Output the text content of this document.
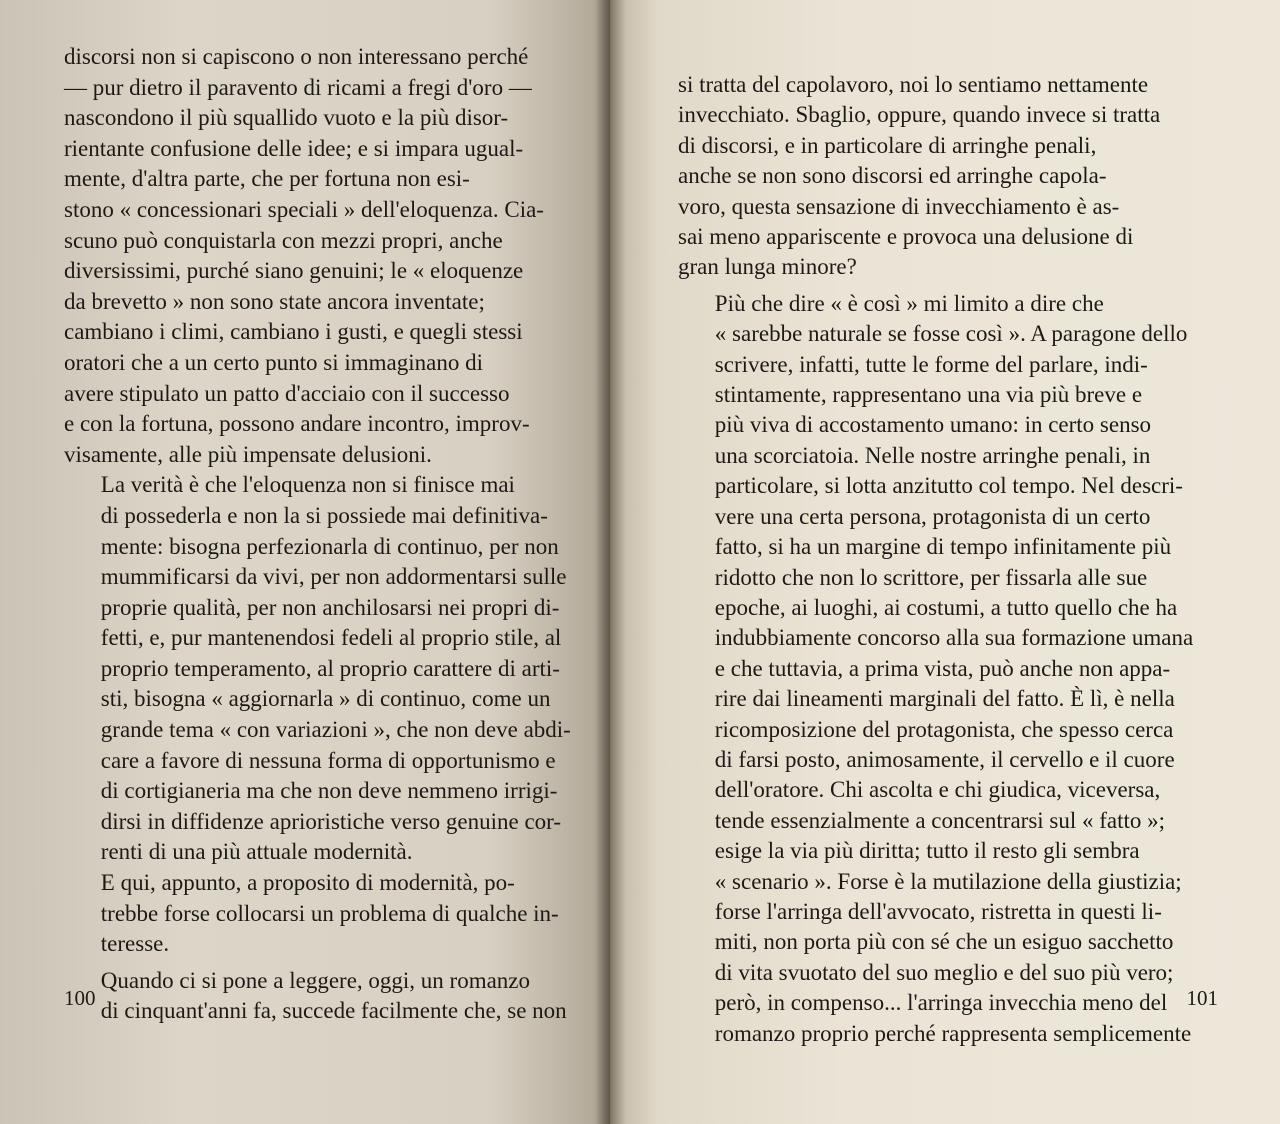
discorsi non si capiscono o non interessano perché
— pur dietro il paravento di ricami a fregi d'oro —
nascondono il più squallido vuoto e la più disor-
rientante confusione delle idee; e si impara ugual-
mente, d'altra parte, che per fortuna non esi-
stono « concessionari speciali » dell'eloquenza. Cia-
scuno può conquistarla con mezzi propri, anche
diversissimi, purché siano genuini; le « eloquenze
da brevetto » non sono state ancora inventate;
cambiano i climi, cambiano i gusti, e quegli stessi
oratori che a un certo punto si immaginano di
avere stipulato un patto d'acciaio con il successo
e con la fortuna, possono andare incontro, improv-
visamente, alle più impensate delusioni.

La verità è che l'eloquenza non si finisce mai
di possederla e non la si possiede mai definitiva-
mente: bisogna perfezionarla di continuo, per non
mummificarsi da vivi, per non addormentarsi sulle
proprie qualità, per non anchilosarsi nei propri di-
fetti, e, pur mantenendosi fedeli al proprio stile, al
proprio temperamento, al proprio carattere di arti-
sti, bisogna « aggiornarla » di continuo, come un
grande tema « con variazioni », che non deve abdi-
care a favore di nessuna forma di opportunismo e
di cortigianeria ma che non deve nemmeno irrigi-
dirsi in diffidenze aprioristiche verso genuine cor-
renti di una più attuale modernità.

E qui, appunto, a proposito di modernità, po-
trebbe forse collocarsi un problema di qualche in-
teresse.

Quando ci si pone a leggere, oggi, un romanzo
di cinquant'anni fa, succede facilmente che, se non

100

si tratta del capolavoro, noi lo sentiamo nettamente
invecchiato. Sbaglio, oppure, quando invece si tratta
di discorsi, e in particolare di arringhe penali,
anche se non sono discorsi ed arringhe capola-
voro, questa sensazione di invecchiamento è as-
sai meno appariscente e provoca una delusione di
gran lunga minore?

Più che dire « è così » mi limito a dire che
« sarebbe naturale se fosse così ». A paragone dello
scrivere, infatti, tutte le forme del parlare, indi-
stintamente, rappresentano una via più breve e
più viva di accostamento umano: in certo senso
una scorciatoia. Nelle nostre arringhe penali, in
particolare, si lotta anzitutto col tempo. Nel descri-
vere una certa persona, protagonista di un certo
fatto, si ha un margine di tempo infinitamente più
ridotto che non lo scrittore, per fissarla alle sue
epoche, ai luoghi, ai costumi, a tutto quello che ha
indubbiamente concorso alla sua formazione umana
e che tuttavia, a prima vista, può anche non appa-
rire dai lineamenti marginali del fatto. È lì, è nella
ricomposizione del protagonista, che spesso cerca
di farsi posto, animosamente, il cervello e il cuore
dell'oratore. Chi ascolta e chi giudica, viceversa,
tende essenzialmente a concentrarsi sul « fatto »;
esige la via più diritta; tutto il resto gli sembra
« scenario ». Forse è la mutilazione della giustizia;
forse l'arringa dell'avvocato, ristretta in questi li-
miti, non porta più con sé che un esiguo sacchetto
di vita svuotato del suo meglio e del suo più vero;
però, in compenso... l'arringa invecchia meno del
romanzo proprio perché rappresenta semplicemente

101
